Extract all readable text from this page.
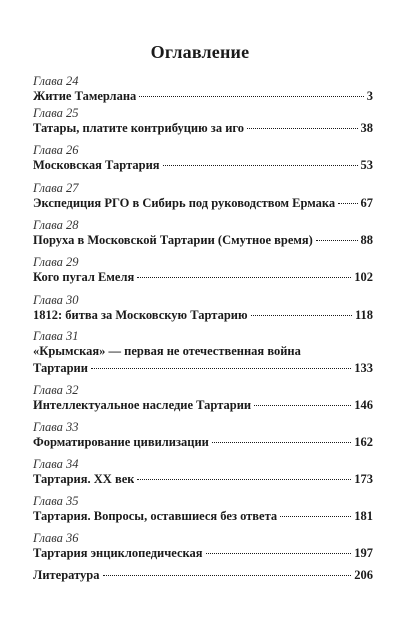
Оглавление
Глава 24
Житие Тамерлана	3
Глава 25
Татары, платите контрибуцию за иго	38
Глава 26
Московская Тартария	53
Глава 27
Экспедиция РГО в Сибирь под руководством Ермака 67
Глава 28
Поруха в Московской Тартарии (Смутное время)	88
Глава 29
Кого пугал Емеля	102
Глава 30
1812: битва за Московскую Тартарию	118
Глава 31
«Крымская» — первая не отечественная война
Тартарии	133
Глава 32
Интеллектуальное наследие Тартарии	146
Глава 33
Форматирование цивилизации	162
Глава 34
Тартария. XX век	173
Глава 35
Тартария. Вопросы, оставшиеся без ответа	181
Глава 36
Тартария энциклопедическая	197
Литература	206
